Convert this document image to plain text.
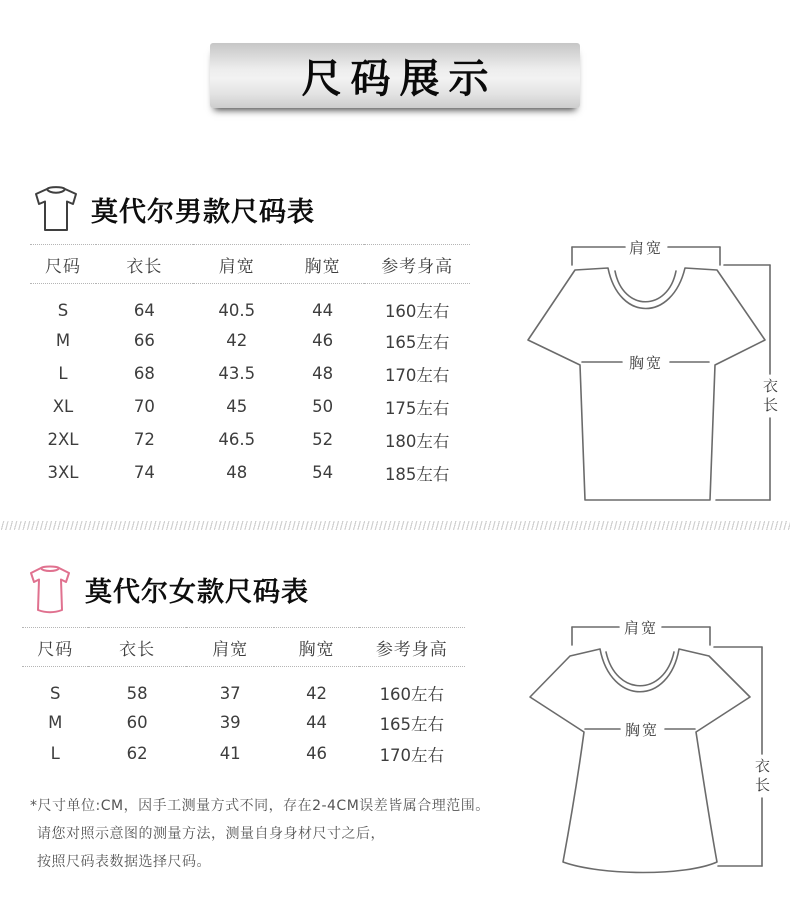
尺码展示
莫代尔男款尺码表
尺码	衣长	肩宽	胸宽	参考身高
S	64	40.5	44	160左右
M	66	42	46	165左右
L	68	43.5	48	170左右
XL	70	45	50	175左右
2XL	72	46.5	52	180左右
3XL	74	48	54	185左右
肩宽
胸宽
衣长
莫代尔女款尺码表
尺码	衣长	肩宽	胸宽	参考身高
S	58	37	42	160左右
M	60	39	44	165左右
L	62	41	46	170左右
肩宽
胸宽
衣长

*尺寸单位:CM，因手工测量方式不同，存在2-4CM误差皆属合理范围。

请您对照示意图的测量方法，测量自身身材尺寸之后，

按照尺码表数据选择尺码。
